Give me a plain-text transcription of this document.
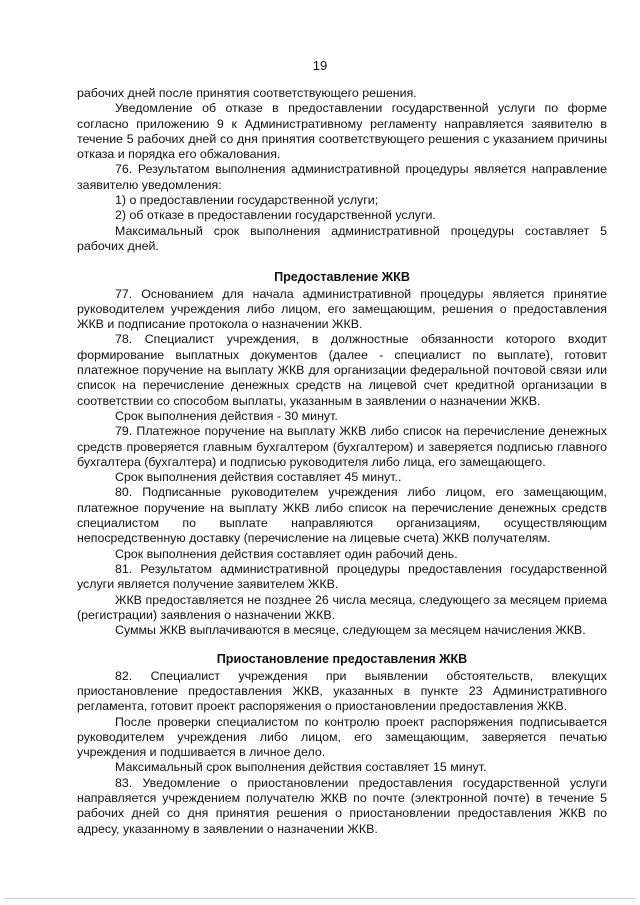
19

рабочих дней после принятия соответствующего решения.

Уведомление об отказе в предоставлении государственной услуги по форме согласно приложению 9 к Административному регламенту направляется заявителю в течение 5 рабочих дней со дня принятия соответствующего решения с указанием причины отказа и порядка его обжалования.

76. Результатом выполнения административной процедуры является направление заявителю уведомления:

1) о предоставлении государственной услуги;

2) об отказе в предоставлении государственной услуги.

Максимальный срок выполнения административной процедуры составляет 5 рабочих дней.

Предоставление ЖКВ

77. Основанием для начала административной процедуры является принятие руководителем учреждения либо лицом, его замещающим, решения о предоставления ЖКВ и подписание протокола о назначении ЖКВ.

78. Специалист учреждения, в должностные обязанности которого входит формирование выплатных документов (далее - специалист по выплате), готовит платежное поручение на выплату ЖКВ для организации федеральной почтовой связи или список на перечисление денежных средств на лицевой счет кредитной организации в соответствии со способом выплаты, указанным в заявлении о назначении ЖКВ.

Срок выполнения действия - 30 минут.

79. Платежное поручение на выплату ЖКВ либо список на перечисление денежных средств проверяется главным бухгалтером (бухгалтером) и заверяется подписью главного бухгалтера (бухгалтера) и подписью руководителя либо лица, его замещающего.

Срок выполнения действия составляет 45 минут..

80. Подписанные руководителем учреждения либо лицом, его замещающим, платежное поручение на выплату ЖКВ либо список на перечисление денежных средств специалистом по выплате направляются организациям, осуществляющим непосредственную доставку (перечисление на лицевые счета) ЖКВ получателям.

Срок выполнения действия составляет один рабочий день.

81. Результатом административной процедуры предоставления государственной услуги является получение заявителем ЖКВ.

ЖКВ предоставляется не позднее 26 числа месяца, следующего за месяцем приема (регистрации) заявления о назначении ЖКВ.

Суммы ЖКВ выплачиваются в месяце, следующем за месяцем начисления ЖКВ.

Приостановление предоставления ЖКВ

82. Специалист учреждения при выявлении обстоятельств, влекущих приостановление предоставления ЖКВ, указанных в пункте 23 Административного регламента, готовит проект распоряжения о приостановлении предоставления ЖКВ.

После проверки специалистом по контролю проект распоряжения подписывается руководителем учреждения либо лицом, его замещающим, заверяется печатью учреждения и подшивается в личное дело.

Максимальный срок выполнения действия составляет 15 минут.

83. Уведомление о приостановлении предоставления государственной услуги направляется учреждением получателю ЖКВ по почте (электронной почте) в течение 5 рабочих дней со дня принятия решения о приостановлении предоставления ЖКВ по адресу, указанному в заявлении о назначении ЖКВ.
